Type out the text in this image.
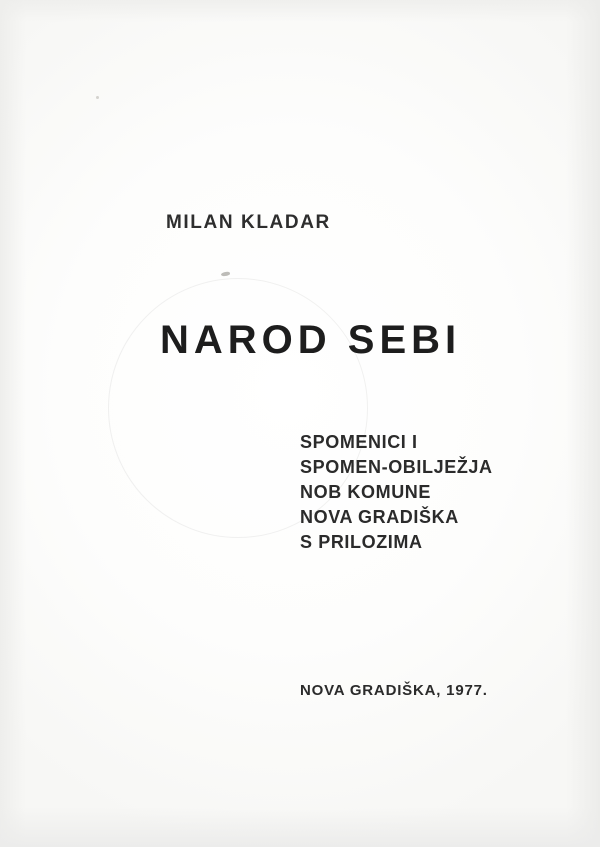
MILAN KLADAR
NAROD SEBI
SPOMENICI I
SPOMEN-OBILJEŽJA
NOB KOMUNE
NOVA GRADIŠKA
S PRILOZIMA
NOVA GRADIŠKA, 1977.
